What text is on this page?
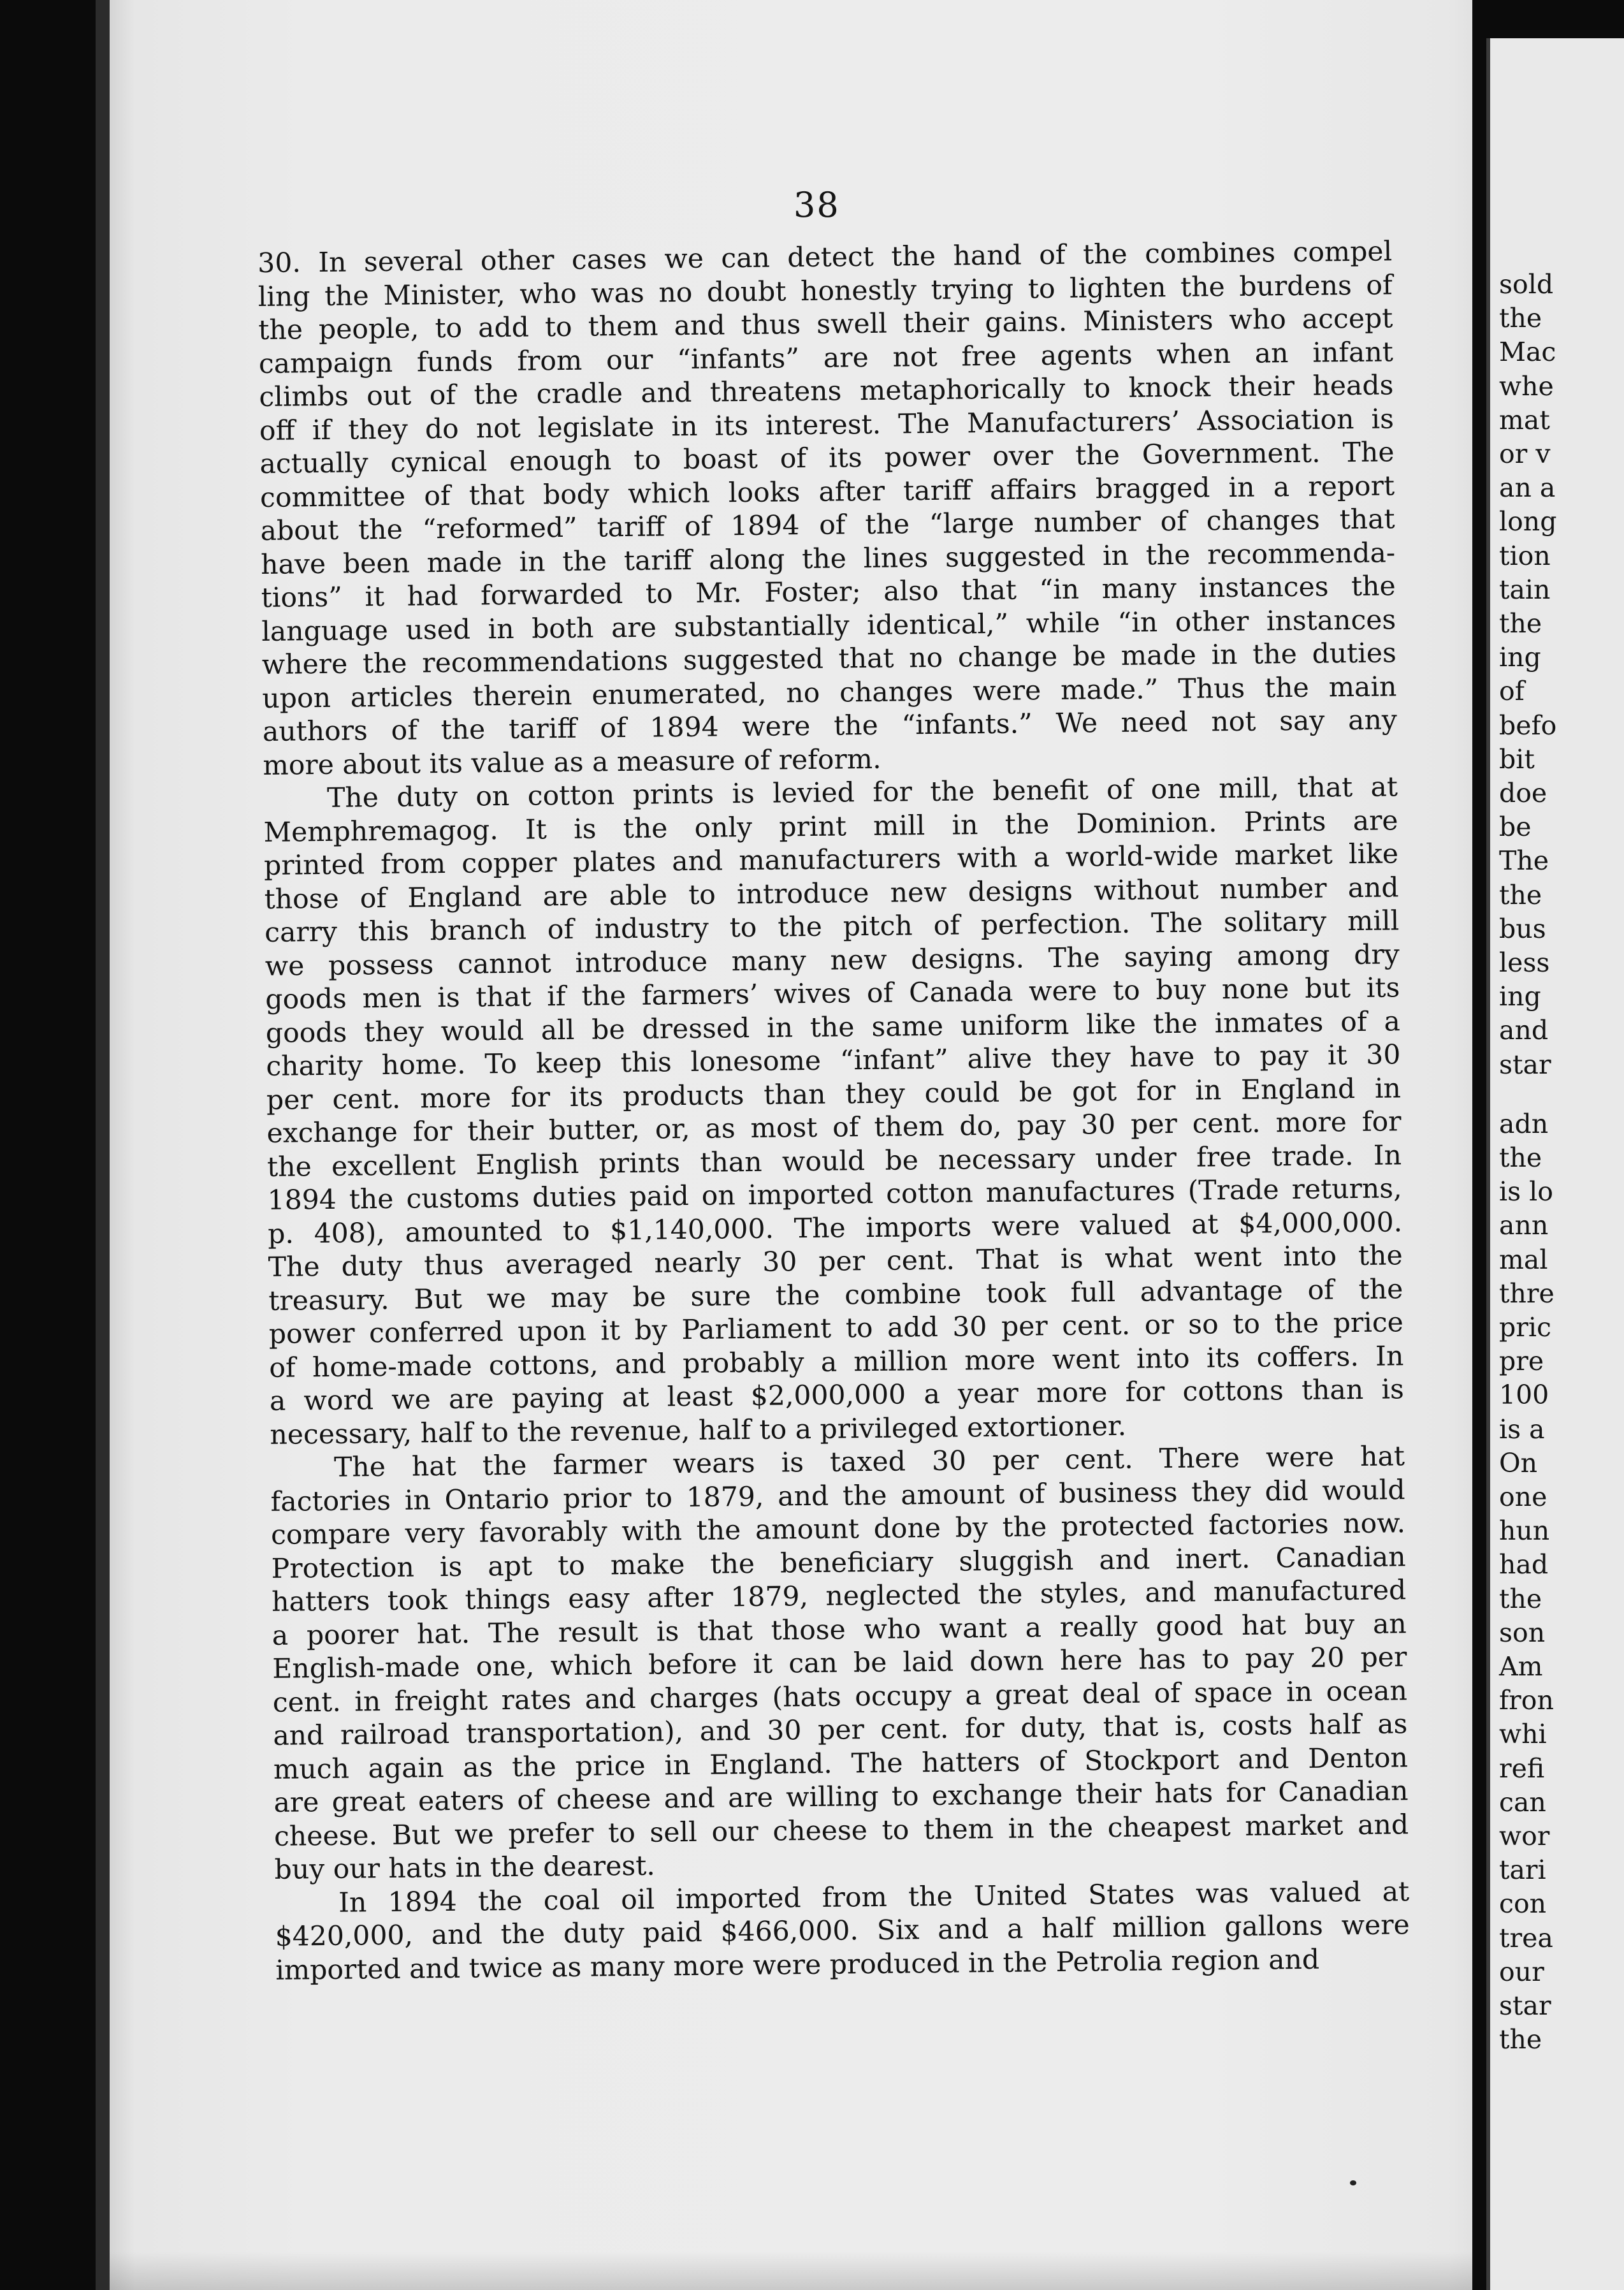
38

30. In several other cases we can detect the hand of the combines compel
ling the Minister, who was no doubt honestly trying to lighten the burdens of
the people, to add to them and thus swell their gains. Ministers who accept
campaign funds from our “infants” are not free agents when an infant
climbs out of the cradle and threatens metaphorically to knock their heads
off if they do not legislate in its interest. The Manufacturers’ Association is
actually cynical enough to boast of its power over the Government. The
committee of that body which looks after tariff affairs bragged in a report
about the “reformed” tariff of 1894 of the “large number of changes that
have been made in the tariff along the lines suggested in the recommenda-
tions” it had forwarded to Mr. Foster; also that “in many instances the
language used in both are substantially identical,” while “in other instances
where the recommendations suggested that no change be made in the duties
upon articles therein enumerated, no changes were made.” Thus the main
authors of the tariff of 1894 were the “infants.” We need not say any
more about its value as a measure of reform.

The duty on cotton prints is levied for the benefit of one mill, that at
Memphremagog. It is the only print mill in the Dominion. Prints are
printed from copper plates and manufacturers with a world-wide market like
those of England are able to introduce new designs without number and
carry this branch of industry to the pitch of perfection. The solitary mill
we possess cannot introduce many new designs. The saying among dry
goods men is that if the farmers’ wives of Canada were to buy none but its
goods they would all be dressed in the same uniform like the inmates of a
charity home. To keep this lonesome “infant” alive they have to pay it 30
per cent. more for its products than they could be got for in England in
exchange for their butter, or, as most of them do, pay 30 per cent. more for
the excellent English prints than would be necessary under free trade. In
1894 the customs duties paid on imported cotton manufactures (Trade returns,
p. 408), amounted to $1,140,000. The imports were valued at $4,000,000.
The duty thus averaged nearly 30 per cent. That is what went into the
treasury. But we may be sure the combine took full advantage of the
power conferred upon it by Parliament to add 30 per cent. or so to the price
of home-made cottons, and probably a million more went into its coffers. In
a word we are paying at least $2,000,000 a year more for cottons than is
necessary, half to the revenue, half to a privileged extortioner.

The hat the farmer wears is taxed 30 per cent. There were hat
factories in Ontario prior to 1879, and the amount of business they did would
compare very favorably with the amount done by the protected factories now.
Protection is apt to make the beneficiary sluggish and inert. Canadian
hatters took things easy after 1879, neglected the styles, and manufactured
a poorer hat. The result is that those who want a really good hat buy an
English-made one, which before it can be laid down here has to pay 20 per
cent. in freight rates and charges (hats occupy a great deal of space in ocean
and railroad transportation), and 30 per cent. for duty, that is, costs half as
much again as the price in England. The hatters of Stockport and Denton
are great eaters of cheese and are willing to exchange their hats for Canadian
cheese. But we prefer to sell our cheese to them in the cheapest market and
buy our hats in the dearest.

In 1894 the coal oil imported from the United States was valued at
$420,000, and the duty paid $466,000. Six and a half million gallons were
imported and twice as many more were produced in the Petrolia region and

sold
the
Mac
whe
mat
or v
an a
long
tion
tain
the
ing
of
befo
bit
doe
be
The
the
bus
less
ing
and
star
adn
the
is lo
ann
mal
thre
pric
pre
100
is a
On
one
hun
had
the
son
Am
fron
whi
refi
can
wor
tari
con
trea
our
star
the
